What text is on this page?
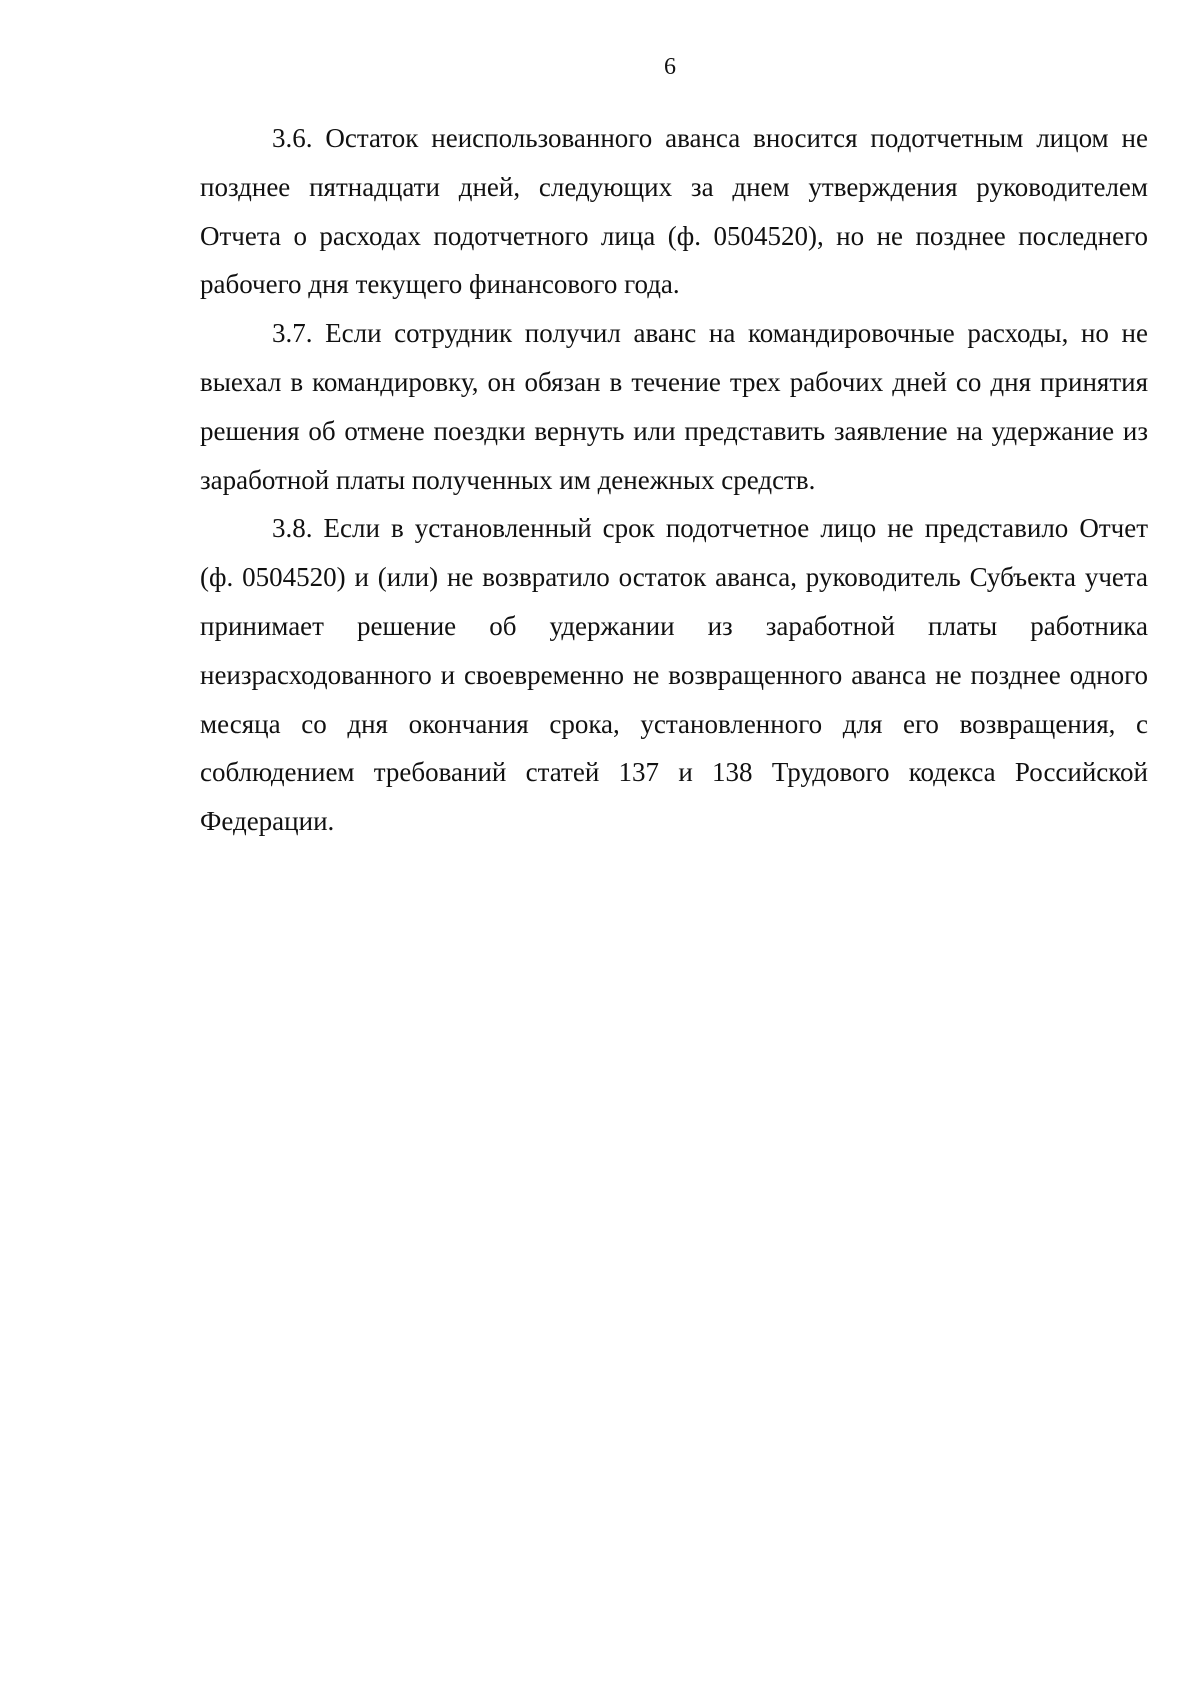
6

3.6. Остаток неиспользованного аванса вносится подотчетным лицом не позднее пятнадцати дней, следующих за днем утверждения руководителем Отчета о расходах подотчетного лица (ф. 0504520), но не позднее последнего рабочего дня текущего финансового года.

3.7. Если сотрудник получил аванс на командировочные расходы, но не выехал в командировку, он обязан в течение трех рабочих дней со дня принятия решения об отмене поездки вернуть или представить заявление на удержание из заработной платы полученных им денежных средств.

3.8. Если в установленный срок подотчетное лицо не представило Отчет (ф. 0504520) и (или) не возвратило остаток аванса, руководитель Субъекта учета принимает решение об удержании из заработной платы работника неизрасходованного и своевременно не возвращенного аванса не позднее одного месяца со дня окончания срока, установленного для его возвращения, с соблюдением требований статей 137 и 138 Трудового кодекса Российской Федерации.
